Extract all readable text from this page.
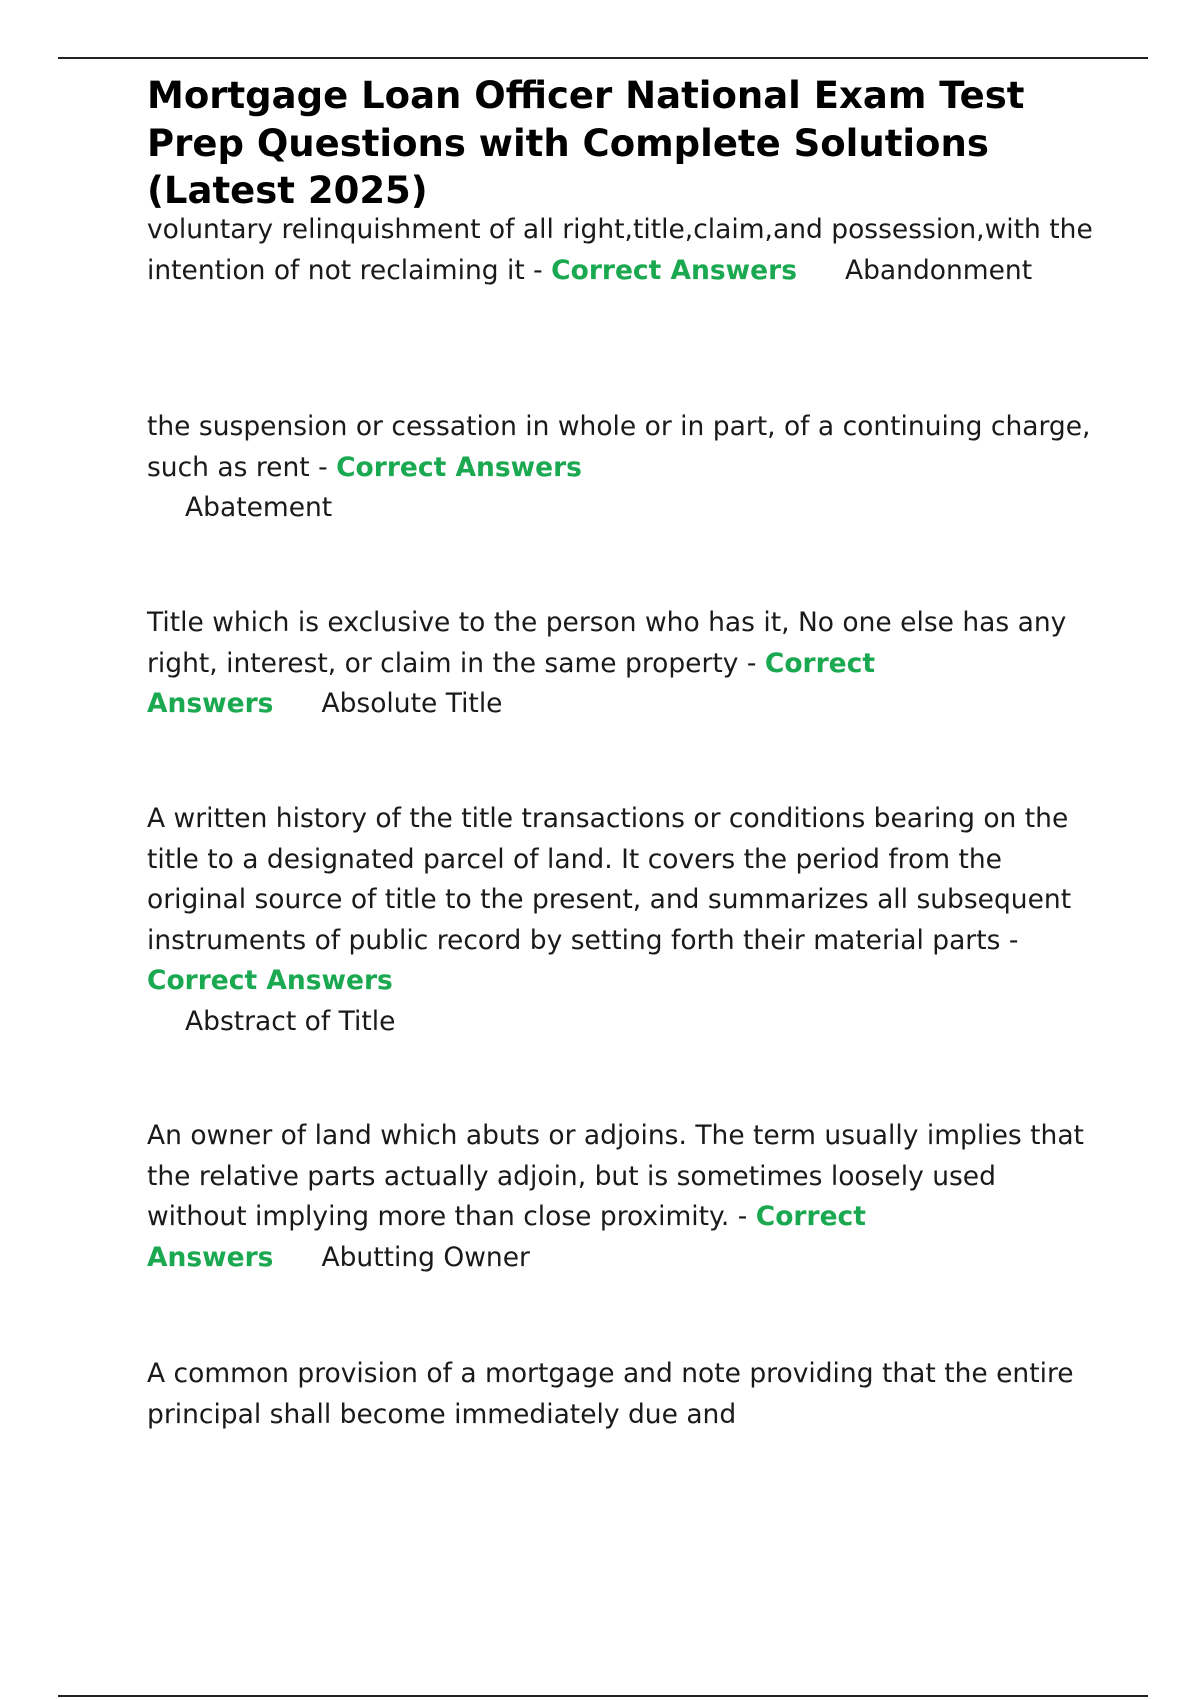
Mortgage Loan Officer National Exam Test Prep Questions with Complete Solutions (Latest 2025)
voluntary relinquishment of all right,title,claim,and possession,with the intention of not reclaiming it - Correct Answers Abandonment
the suspension or cessation in whole or in part, of a continuing charge, such as rent - Correct Answers
Abatement
Title which is exclusive to the person who has it, No one else has any right, interest, or claim in the same property - Correct Answers Absolute Title
A written history of the title transactions or conditions bearing on the title to a designated parcel of land. It covers the period from the original source of title to the present, and summarizes all subsequent instruments of public record by setting forth their material parts - Correct Answers
Abstract of Title
An owner of land which abuts or adjoins. The term usually implies that the relative parts actually adjoin, but is sometimes loosely used without implying more than close proximity. - Correct Answers Abutting Owner
A common provision of a mortgage and note providing that the entire principal shall become immediately due and
